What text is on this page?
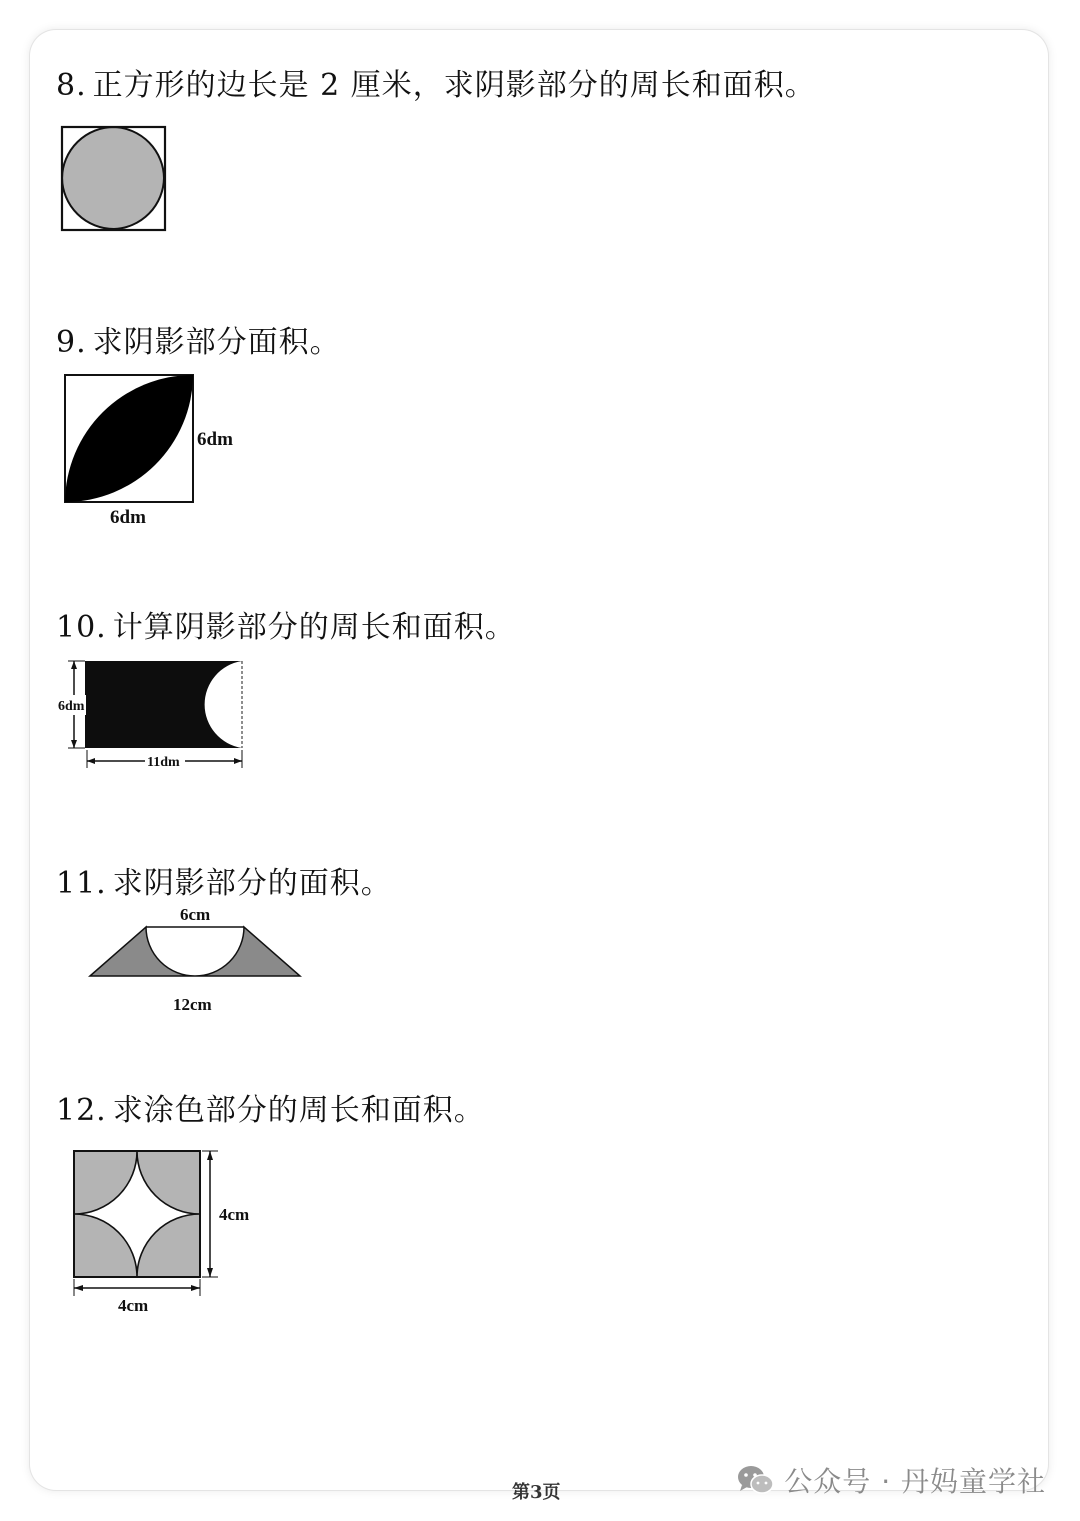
8. 正方形的边长是 2 厘米，求阴影部分的周长和面积。
9. 求阴影部分面积。
6dm
6dm
10. 计算阴影部分的周长和面积。
6dm
11dm
11. 求阴影部分的面积。
6cm
12cm
12. 求涂色部分的周长和面积。
4cm
4cm
第3页	公众号 · 丹妈童学社
